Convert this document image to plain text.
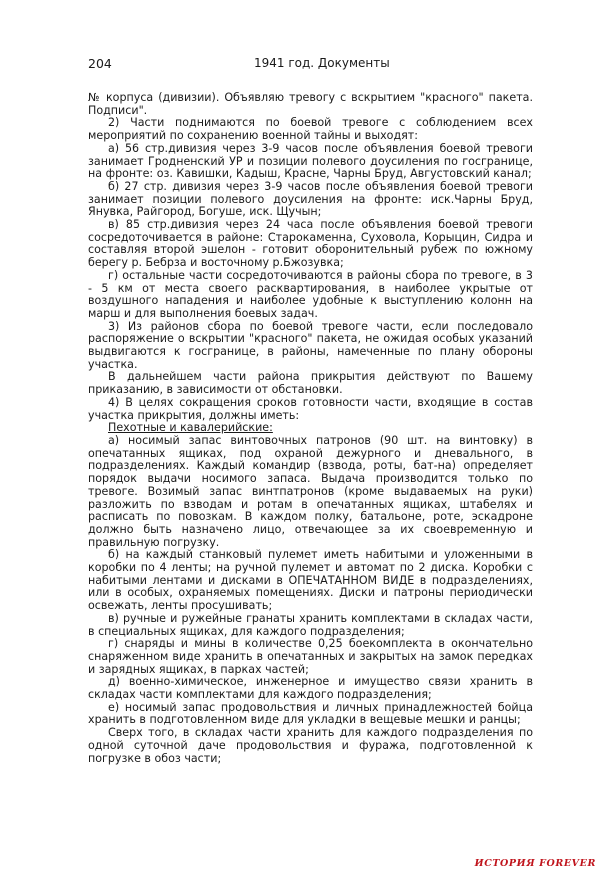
204	1941 год. Документы

№ корпуса (дивизии). Объявляю тревогу с вскрытием "красного" пакета. Подписи".

2) Части поднимаются по боевой тревоге с соблюдением всех мероприятий по сохранению военной тайны и выходят:

а) 56 стр.дивизия через 3-9 часов после объявления боевой тревоги занимает Гродненский УР и позиции полевого доусиления по госгранице, на фронте: оз. Кавишки, Кадыш, Красне, Чарны Бруд, Августовский канал;

б) 27 стр. дивизия через 3-9 часов после объявления боевой тревоги занимает позиции полевого доусиления на фронте: иск.Чарны Бруд, Янувка, Райгород, Богуше, иск. Щучын;

в) 85 стр.дивизия через 24 часа после объявления боевой тревоги сосредоточивается в районе: Старокаменна, Суховола, Корыцин, Сидра и составляя второй эшелон - готовит оборонительный рубеж по южному берегу р. Бебрза и восточному р.Бжозувка;

г) остальные части сосредоточиваются в районы сбора по тревоге, в 3 - 5 км от места своего расквартирования, в наиболее укрытые от воздушного нападения и наиболее удобные к выступлению колонн на марш и для выполнения боевых задач.

3) Из районов сбора по боевой тревоге части, если последовало распоряжение о вскрытии "красного" пакета, не ожидая особых указаний выдвигаются к госгранице, в районы, намеченные по плану обороны участка.

В дальнейшем части района прикрытия действуют по Вашему приказанию, в зависимости от обстановки.

4) В целях сокращения сроков готовности части, входящие в состав участка прикрытия, должны иметь:

Пехотные и кавалерийские:

а) носимый запас винтовочных патронов (90 шт. на винтовку) в опечатанных ящиках, под охраной дежурного и дневального, в подразделениях. Каждый командир (взвода, роты, бат-на) определяет порядок выдачи носимого запаса. Выдача производится только по тревоге. Возимый запас винтпатронов (кроме выдаваемых на руки) разложить по взводам и ротам в опечатанных ящиках, штабелях и расписать по повозкам. В каждом полку, батальоне, роте, эскадроне должно быть назначено лицо, отвечающее за их своевременную и правильную погрузку.

б) на каждый станковый пулемет иметь набитыми и уложенными в коробки по 4 ленты; на ручной пулемет и автомат по 2 диска. Коробки с набитыми лентами и дисками в ОПЕЧАТАННОМ ВИДЕ в подразделениях, или в особых, охраняемых помещениях. Диски и патроны периодически освежать, ленты просушивать;

в) ручные и ружейные гранаты хранить комплектами в складах части, в специальных ящиках, для каждого подразделения;

г) снаряды и мины в количестве 0,25 боекомплекта в окончательно снаряженном виде хранить в опечатанных и закрытых на замок передках и зарядных ящиках, в парках частей;

д) военно-химическое, инженерное и имущество связи хранить в складах части комплектами для каждого подразделения;

е) носимый запас продовольствия и личных принадлежностей бойца хранить в подготовленном виде для укладки в вещевые мешки и ранцы;

Сверх того, в складах части хранить для каждого подразделения по одной суточной даче продовольствия и фуража, подготовленной к погрузке в обоз части;

ИСТОРИЯ FOREVER
